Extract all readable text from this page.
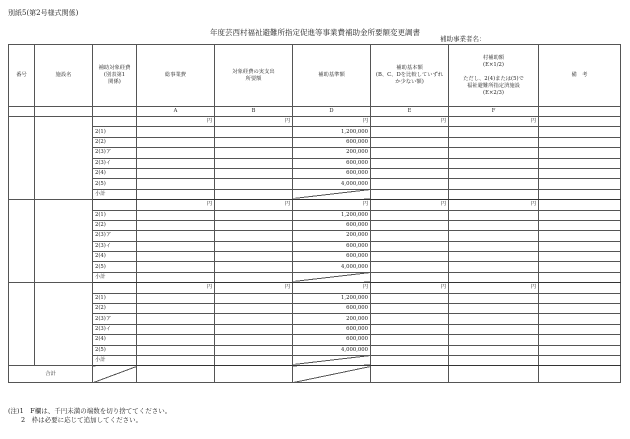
別紙5(第2号様式関係)
年度芸西村福祉避難所指定促進等事業費補助金所要額変更調書
補助事業者名：
番号	施設名	補助対象経費
(別表第1
関係)	総事業費	対象経費の実支出
所要額	補助基準額	補助基本額
(B、C、Dを比較していずれ
か少ない額)	村補助額
(E×1/2)

ただし、2(4)または(5)で
福祉避難所指定済施設
(E×2/3)	備　考
			A	B	D	E	F	
			円	円	円	円	円	
		2(1)			1,200,000			
		2(2)			600,000			
		2(3)ア			200,000			
		2(3)イ			600,000			
		2(4)			600,000			
		2(5)			4,000,000			
		小計						
			円	円	円	円	円	
		2(1)			1,200,000			
		2(2)			600,000			
		2(3)ア			200,000			
		2(3)イ			600,000			
		2(4)			600,000			
		2(5)			4,000,000			
		小計						
			円	円	円	円	円	
		2(1)			1,200,000			
		2(2)			600,000			
		2(3)ア			200,000			
		2(3)イ			600,000			
		2(4)			600,000			
		2(5)			4,000,000			
		小計						
合計								
(注)1　F欄は、千円未満の端数を切り捨ててください。
　　2　枠は必要に応じて追加してください。
